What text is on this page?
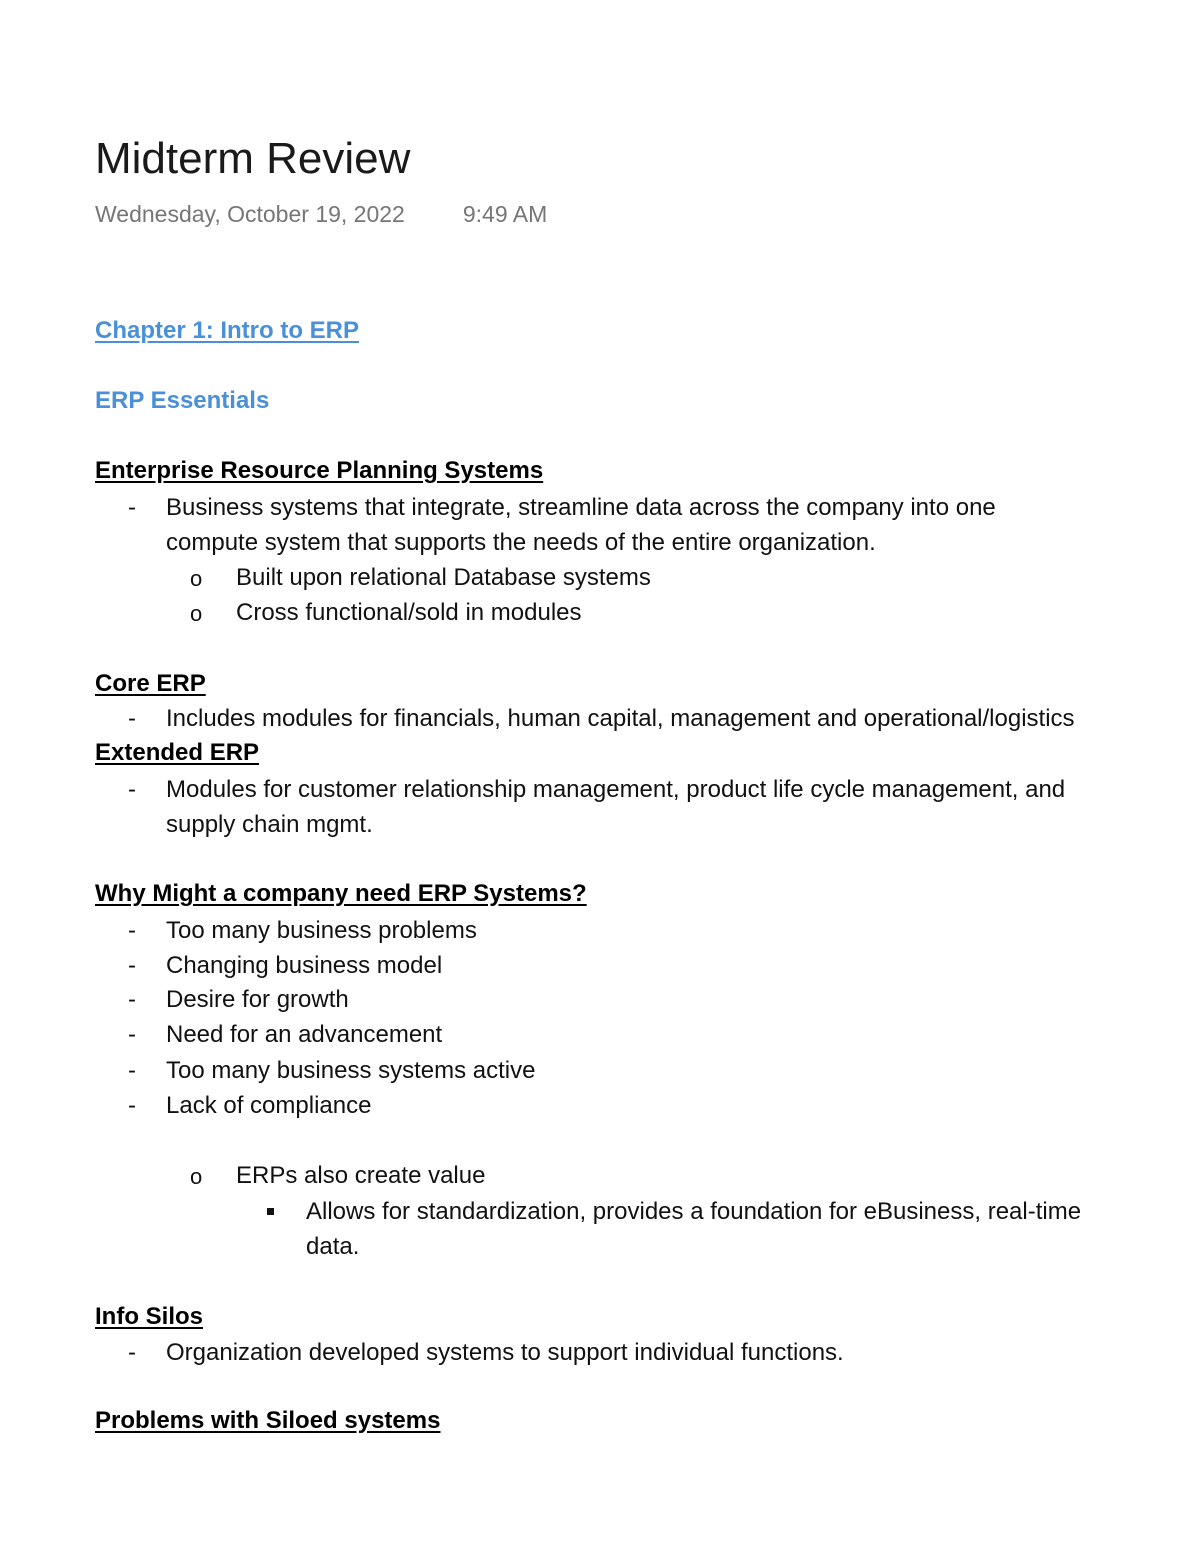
Midterm Review
Wednesday, October 19, 2022	9:49 AM
Chapter 1: Intro to ERP
ERP Essentials
Enterprise Resource Planning Systems
- Business systems that integrate, streamline data across the company into one
compute system that supports the needs of the entire organization.
o Built upon relational Database systems
o Cross functional/sold in modules
Core ERP
- Includes modules for financials, human capital, management and operational/logistics
Extended ERP
- Modules for customer relationship management, product life cycle management, and
supply chain mgmt.
Why Might a company need ERP Systems?
- Too many business problems
- Changing business model
- Desire for growth
- Need for an advancement
- Too many business systems active
- Lack of compliance
o ERPs also create value
Allows for standardization, provides a foundation for eBusiness, real-time
data.
Info Silos
- Organization developed systems to support individual functions.
Problems with Siloed systems
